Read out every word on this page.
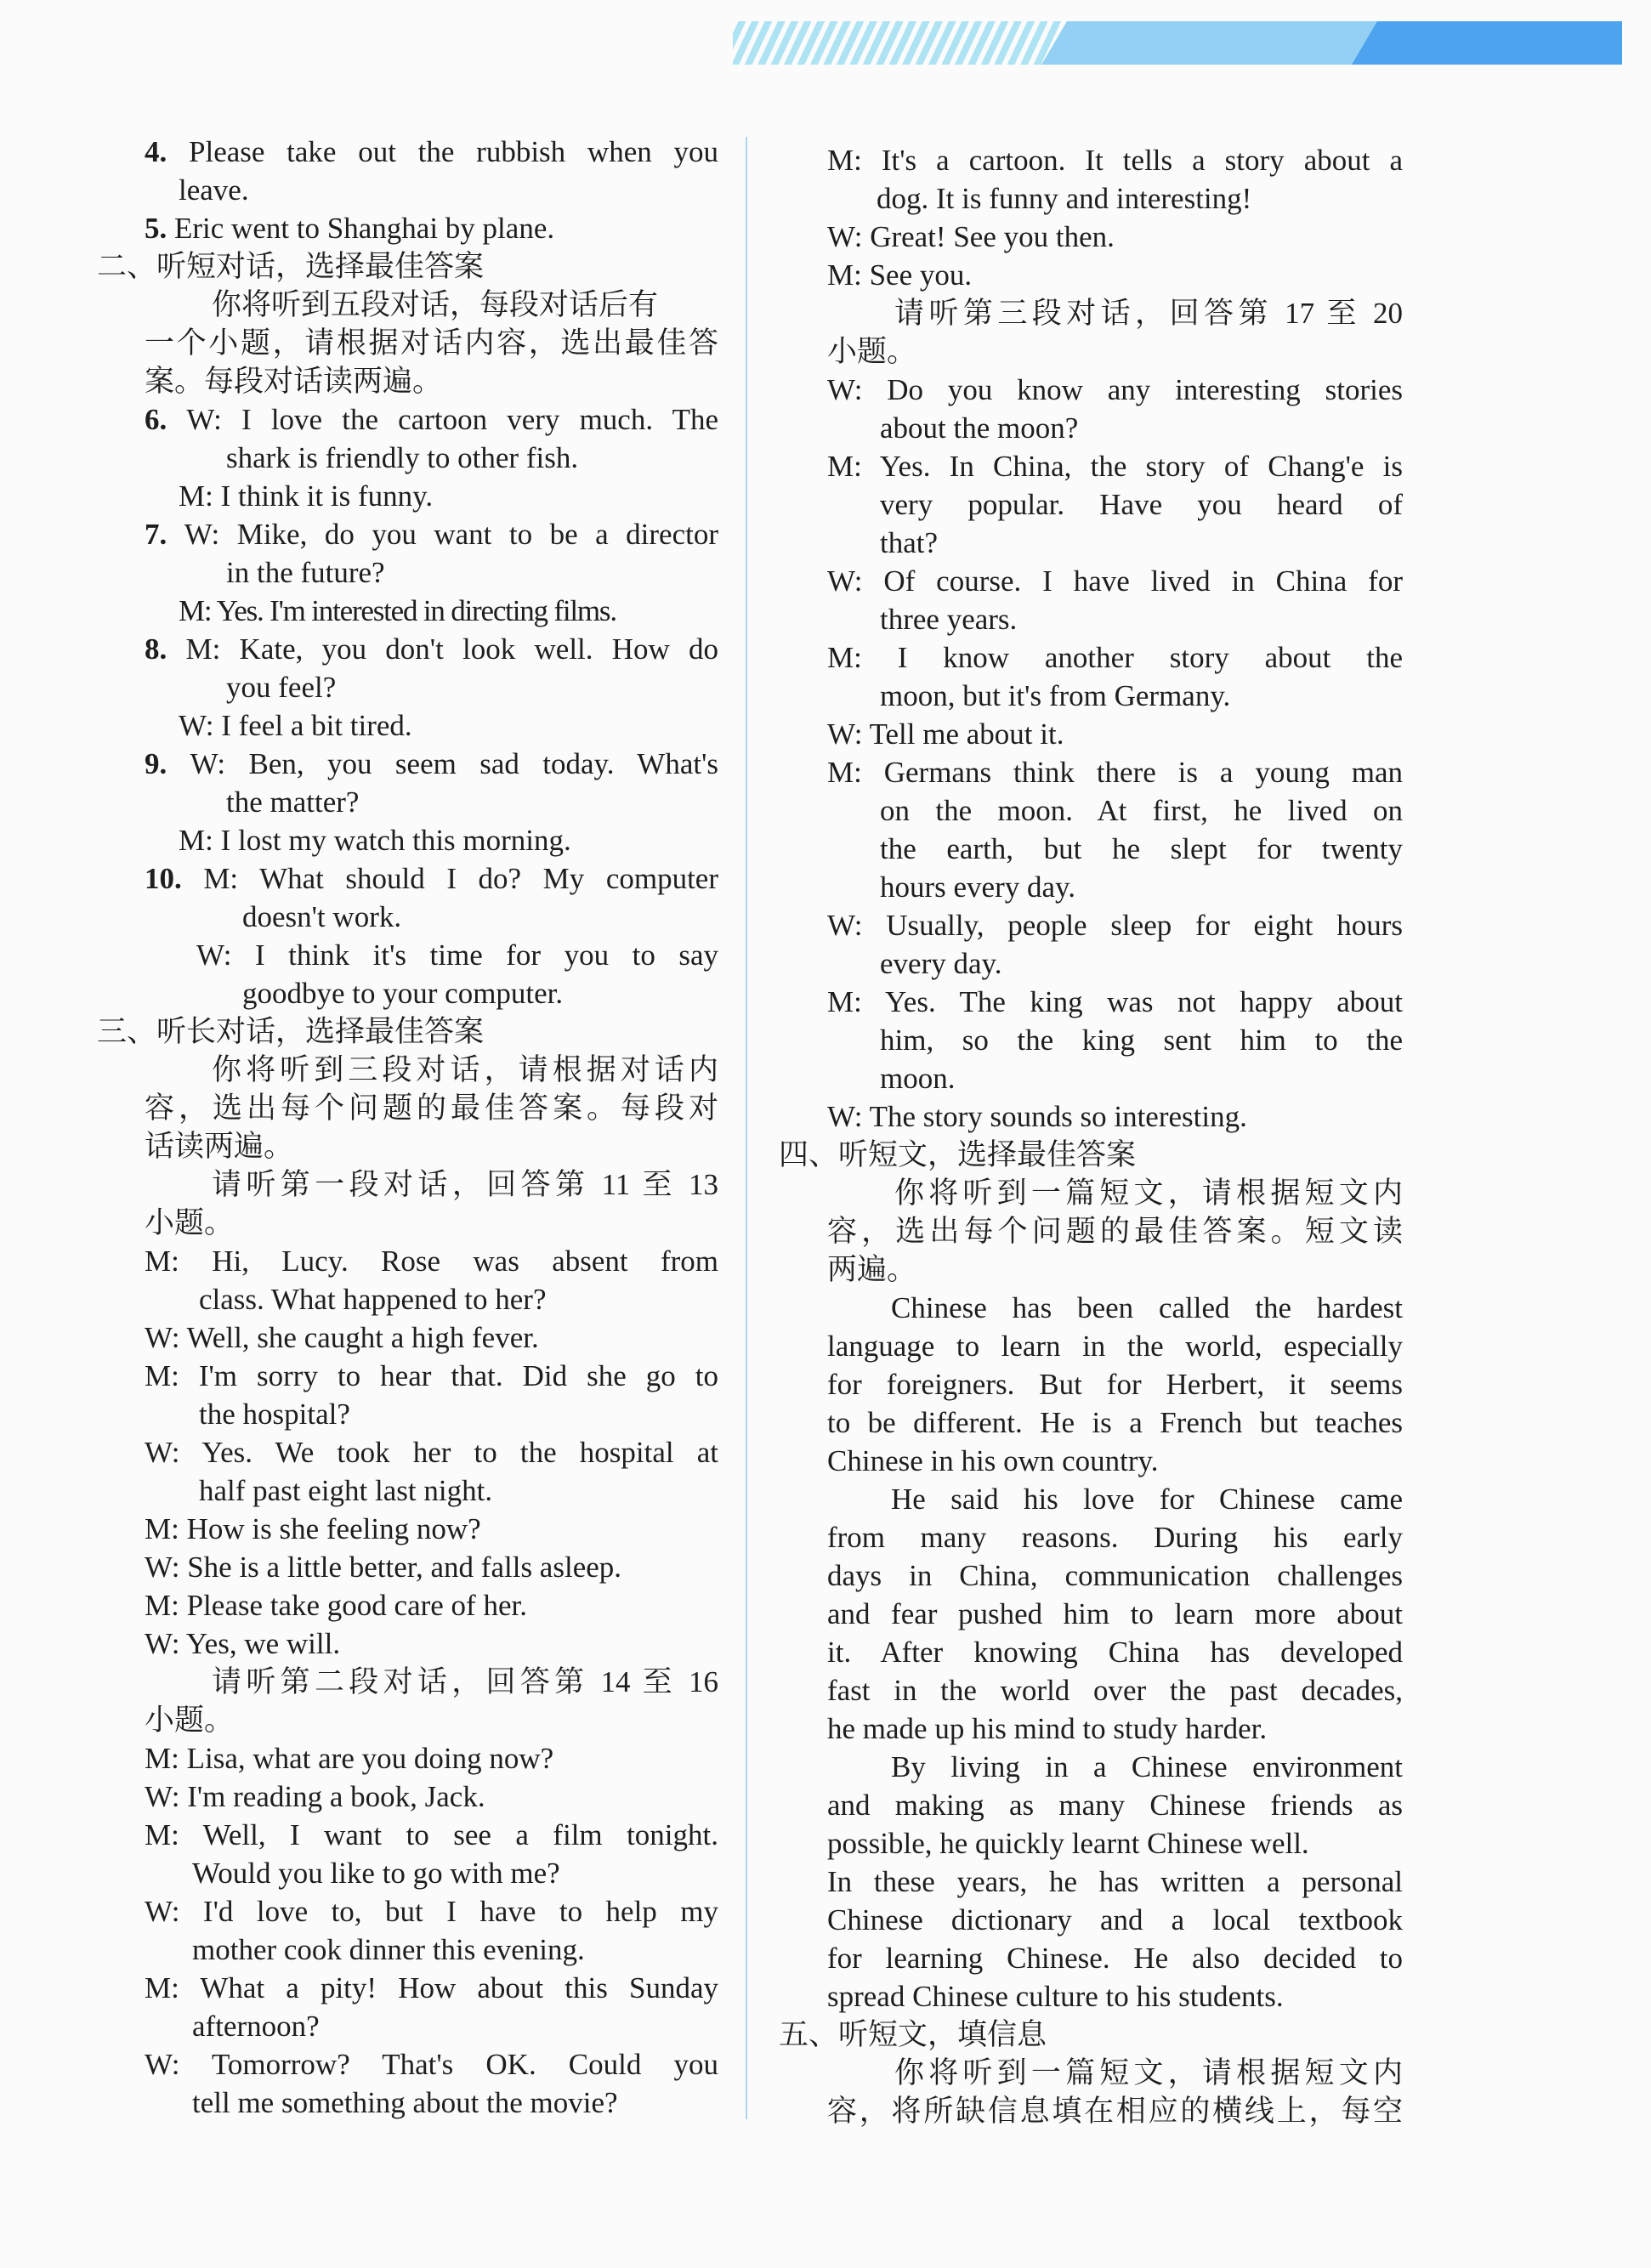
4. Please take out the rubbish when you
leave.
5. Eric went to Shanghai by plane.
二、听短对话，选择最佳答案
你将听到五段对话，每段对话后有
一个小题，请根据对话内容，选出最佳答
案。每段对话读两遍。
6. W: I love the cartoon very much. The
shark is friendly to other fish.
M: I think it is funny.
7. W: Mike, do you want to be a director
in the future?
M: Yes. I'm interested in directing films.
8. M: Kate, you don't look well. How do
you feel?
W: I feel a bit tired.
9. W: Ben, you seem sad today. What's
the matter?
M: I lost my watch this morning.
10. M: What should I do? My computer
doesn't work.
W: I think it's time for you to say
goodbye to your computer.
三、听长对话，选择最佳答案
你将听到三段对话，请根据对话内
容，选出每个问题的最佳答案。每段对
话读两遍。
请听第一段对话，回答第 11 至 13
小题。
M: Hi, Lucy. Rose was absent from
class. What happened to her?
W: Well, she caught a high fever.
M: I'm sorry to hear that. Did she go to
the hospital?
W: Yes. We took her to the hospital at
half past eight last night.
M: How is she feeling now?
W: She is a little better, and falls asleep.
M: Please take good care of her.
W: Yes, we will.
请听第二段对话，回答第 14 至 16
小题。
M: Lisa, what are you doing now?
W: I'm reading a book, Jack.
M: Well, I want to see a film tonight.
Would you like to go with me?
W: I'd love to, but I have to help my
mother cook dinner this evening.
M: What a pity! How about this Sunday
afternoon?
W: Tomorrow? That's OK. Could you
tell me something about the movie?
M: It's a cartoon. It tells a story about a
dog. It is funny and interesting!
W: Great! See you then.
M: See you.
请听第三段对话，回答第 17 至 20
小题。
W: Do you know any interesting stories
about the moon?
M: Yes. In China, the story of Chang'e is
very popular. Have you heard of
that?
W: Of course. I have lived in China for
three years.
M: I know another story about the
moon, but it's from Germany.
W: Tell me about it.
M: Germans think there is a young man
on the moon. At first, he lived on
the earth, but he slept for twenty
hours every day.
W: Usually, people sleep for eight hours
every day.
M: Yes. The king was not happy about
him, so the king sent him to the
moon.
W: The story sounds so interesting.
四、听短文，选择最佳答案
你将听到一篇短文，请根据短文内
容，选出每个问题的最佳答案。短文读
两遍。
Chinese has been called the hardest
language to learn in the world, especially
for foreigners. But for Herbert, it seems
to be different. He is a French but teaches
Chinese in his own country.
He said his love for Chinese came
from many reasons. During his early
days in China, communication challenges
and fear pushed him to learn more about
it. After knowing China has developed
fast in the world over the past decades,
he made up his mind to study harder.
By living in a Chinese environment
and making as many Chinese friends as
possible, he quickly learnt Chinese well.
In these years, he has written a personal
Chinese dictionary and a local textbook
for learning Chinese. He also decided to
spread Chinese culture to his students.
五、听短文，填信息
你将听到一篇短文，请根据短文内
容，将所缺信息填在相应的横线上，每空
